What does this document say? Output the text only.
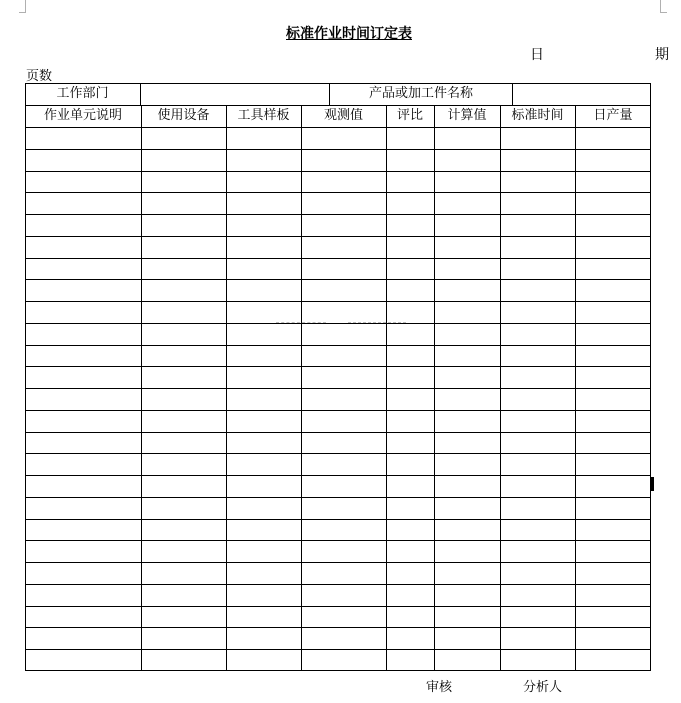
标准作业时间订定表
日	期
页数
工作部门	产品或加工件名称
作业单元说明	使用设备	工具样板	观测值	评比	计算值	标准时间	日产量
审核	分析人
